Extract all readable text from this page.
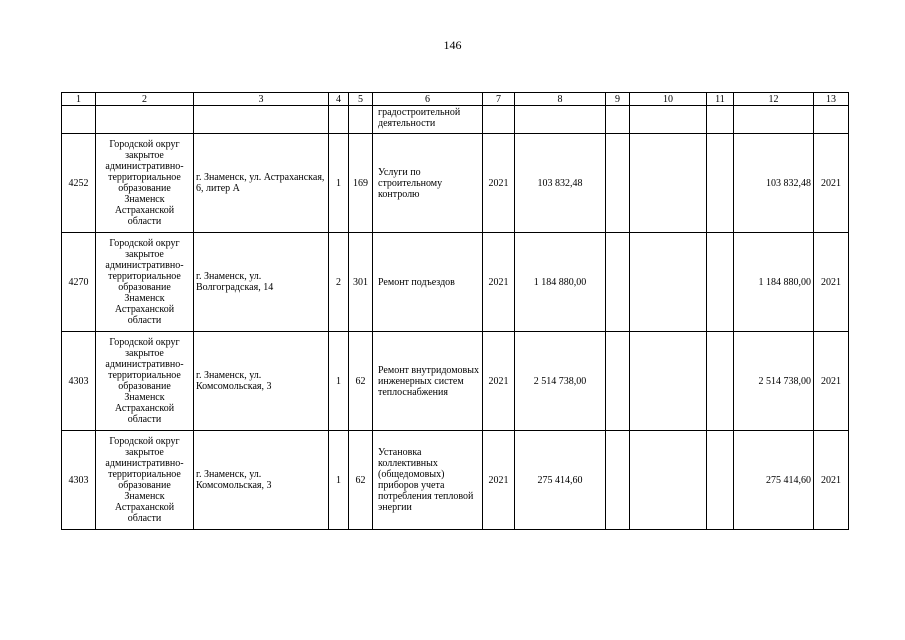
146
1	2	3	4	5	6	7	8	9	10	11	12	13
					градостроительной деятельности							
4252	Городской округ закрытое административно-территориальное образование Знаменск Астраханской области	г. Знаменск, ул. Астраханская, 6, литер А	1	169	Услуги по строительному контролю	2021	103 832,48				103 832,48	2021
4270	Городской округ закрытое административно-территориальное образование Знаменск Астраханской области	г. Знаменск, ул. Волгоградская, 14	2	301	Ремонт подъездов	2021	1 184 880,00				1 184 880,00	2021
4303	Городской округ закрытое административно-территориальное образование Знаменск Астраханской области	г. Знаменск, ул. Комсомольская, 3	1	62	Ремонт внутридомовых инженерных систем теплоснабжения	2021	2 514 738,00				2 514 738,00	2021
4303	Городской округ закрытое административно-территориальное образование Знаменск Астраханской области	г. Знаменск, ул. Комсомольская, 3	1	62	Установка коллективных (общедомовых) приборов учета потребления тепловой энергии	2021	275 414,60				275 414,60	2021
